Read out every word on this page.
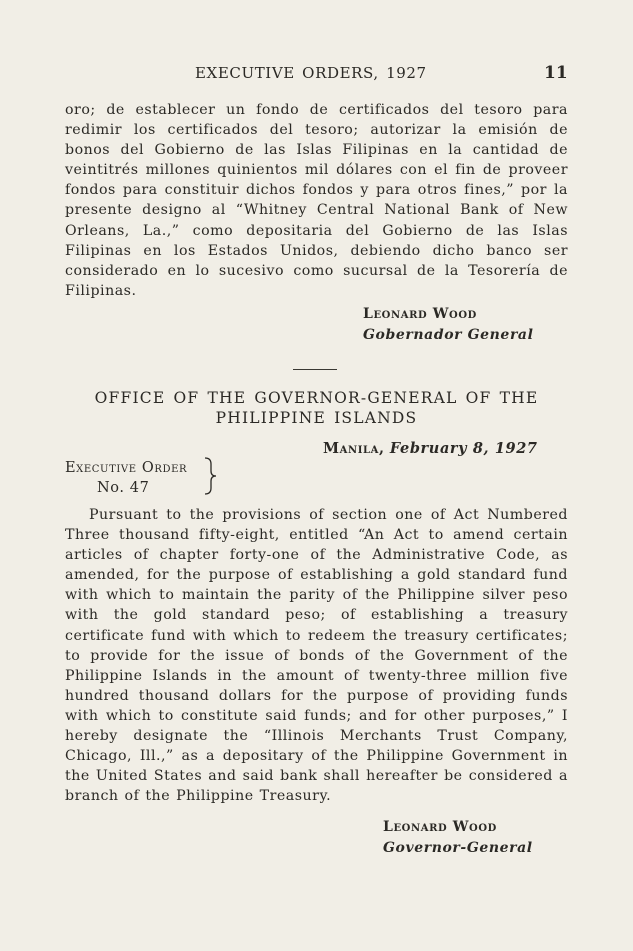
EXECUTIVE ORDERS, 1927	11

oro; de establecer un fondo de certificados del tesoro para redimir los certificados del tesoro; autorizar la emisión de bonos del Gobierno de las Islas Filipinas en la cantidad de veintitrés millones quinientos mil dólares con el fin de proveer fondos para constituir dichos fondos y para otros fines,” por la presente designo al “Whitney Central National Bank of New Orleans, La.,” como depositaria del Gobierno de las Islas Filipinas en los Estados Unidos, debiendo dicho banco ser considerado en lo sucesivo como sucursal de la Tesorería de Filipinas.

Leonard Wood
Gobernador General
OFFICE OF THE GOVERNOR-GENERAL OF THE PHILIPPINE ISLANDS
Manila, February 8, 1927
Executive Order
No. 47

Pursuant to the provisions of section one of Act Numbered Three thousand fifty-eight, entitled “An Act to amend certain articles of chapter forty-one of the Administrative Code, as amended, for the purpose of establishing a gold standard fund with which to maintain the parity of the Philippine silver peso with the gold standard peso; of establishing a treasury certificate fund with which to redeem the treasury certificates; to provide for the issue of bonds of the Government of the Philippine Islands in the amount of twenty-three million five hundred thousand dollars for the purpose of providing funds with which to constitute said funds; and for other purposes,” I hereby designate the “Illinois Merchants Trust Company, Chicago, Ill.,” as a depositary of the Philippine Government in the United States and said bank shall hereafter be considered a branch of the Philippine Treasury.

Leonard Wood
Governor-General
